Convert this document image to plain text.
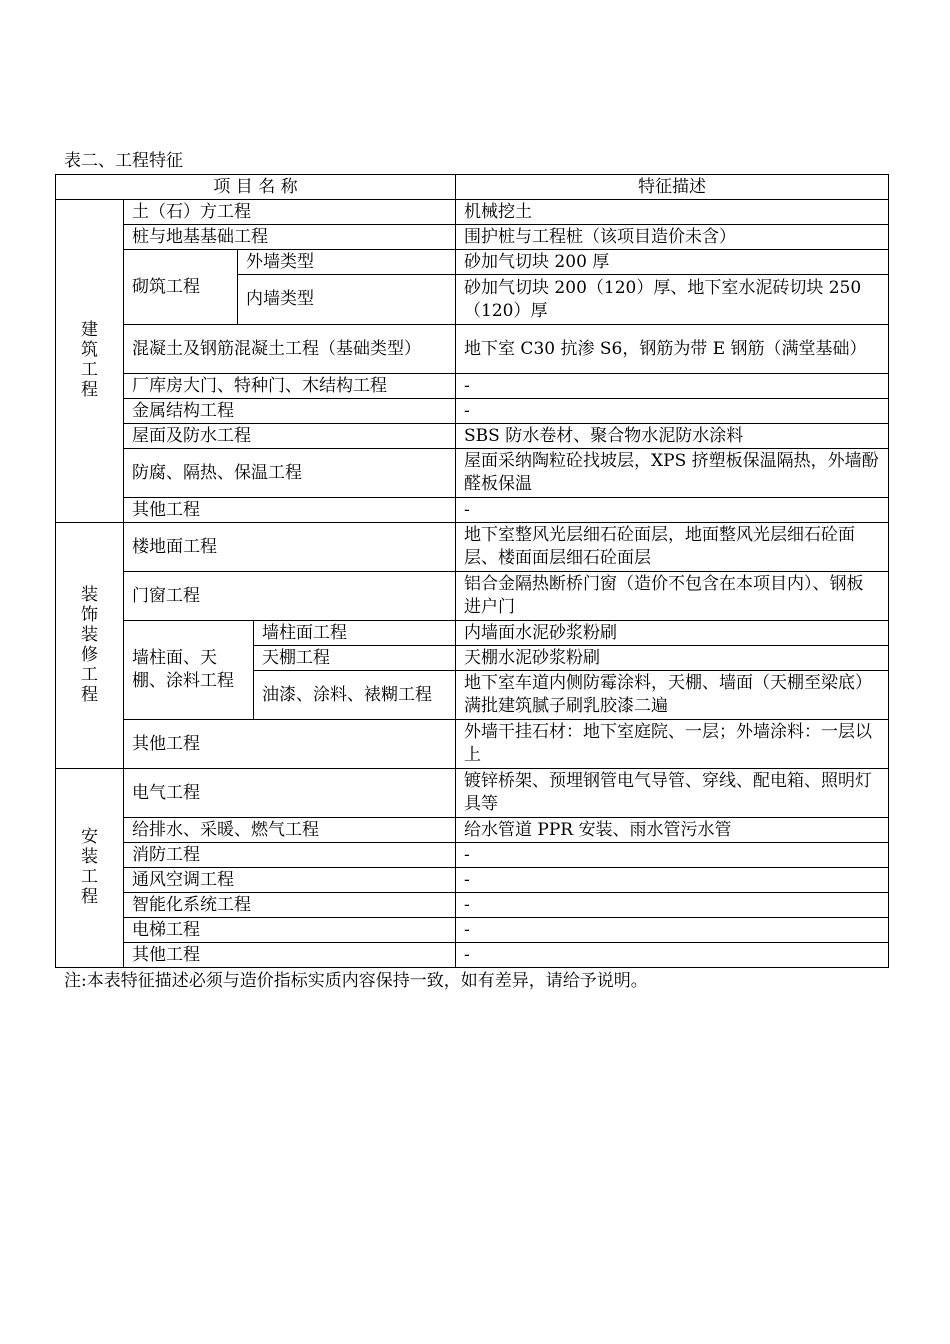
表二、工程特征
项 目 名 称				特征描述
建筑工程	土（石）方工程			机械挖土
	桩与地基基础工程			围护桩与工程桩（该项目造价未含）
	砌筑工程	外墙类型		砂加气切块 200 厚
		内墙类型		砂加气切块 200（120）厚、地下室水泥砖切块 250（120）厚
	混凝土及钢筋混凝土工程（基础类型）			地下室 C30 抗渗 S6，钢筋为带 E 钢筋（满堂基础）
	厂库房大门、特种门、木结构工程			-
	金属结构工程			-
	屋面及防水工程			SBS 防水卷材、聚合物水泥防水涂料
	防腐、隔热、保温工程			屋面采纳陶粒砼找坡层，XPS 挤塑板保温隔热，外墙酚醛板保温
	其他工程			-
装饰装修工程	楼地面工程			地下室整风光层细石砼面层，地面整风光层细石砼面层、楼面面层细石砼面层
	门窗工程			铝合金隔热断桥门窗（造价不包含在本项目内）、钢板进户门
	墙柱面、天棚、涂料工程		墙柱面工程	内墙面水泥砂浆粉刷
			天棚工程	天棚水泥砂浆粉刷
			油漆、涂料、裱糊工程	地下室车道内侧防霉涂料，天棚、墙面（天棚至梁底）满批建筑腻子刷乳胶漆二遍
	其他工程			外墙干挂石材：地下室庭院、一层；外墙涂料：一层以上
安装工程	电气工程			镀锌桥架、预埋钢管电气导管、穿线、配电箱、照明灯具等
	给排水、采暖、燃气工程			给水管道 PPR 安装、雨水管污水管
	消防工程			-
	通风空调工程			-
	智能化系统工程			-
	电梯工程			-
	其他工程			-
注:本表特征描述必须与造价指标实质内容保持一致，如有差异，请给予说明。
